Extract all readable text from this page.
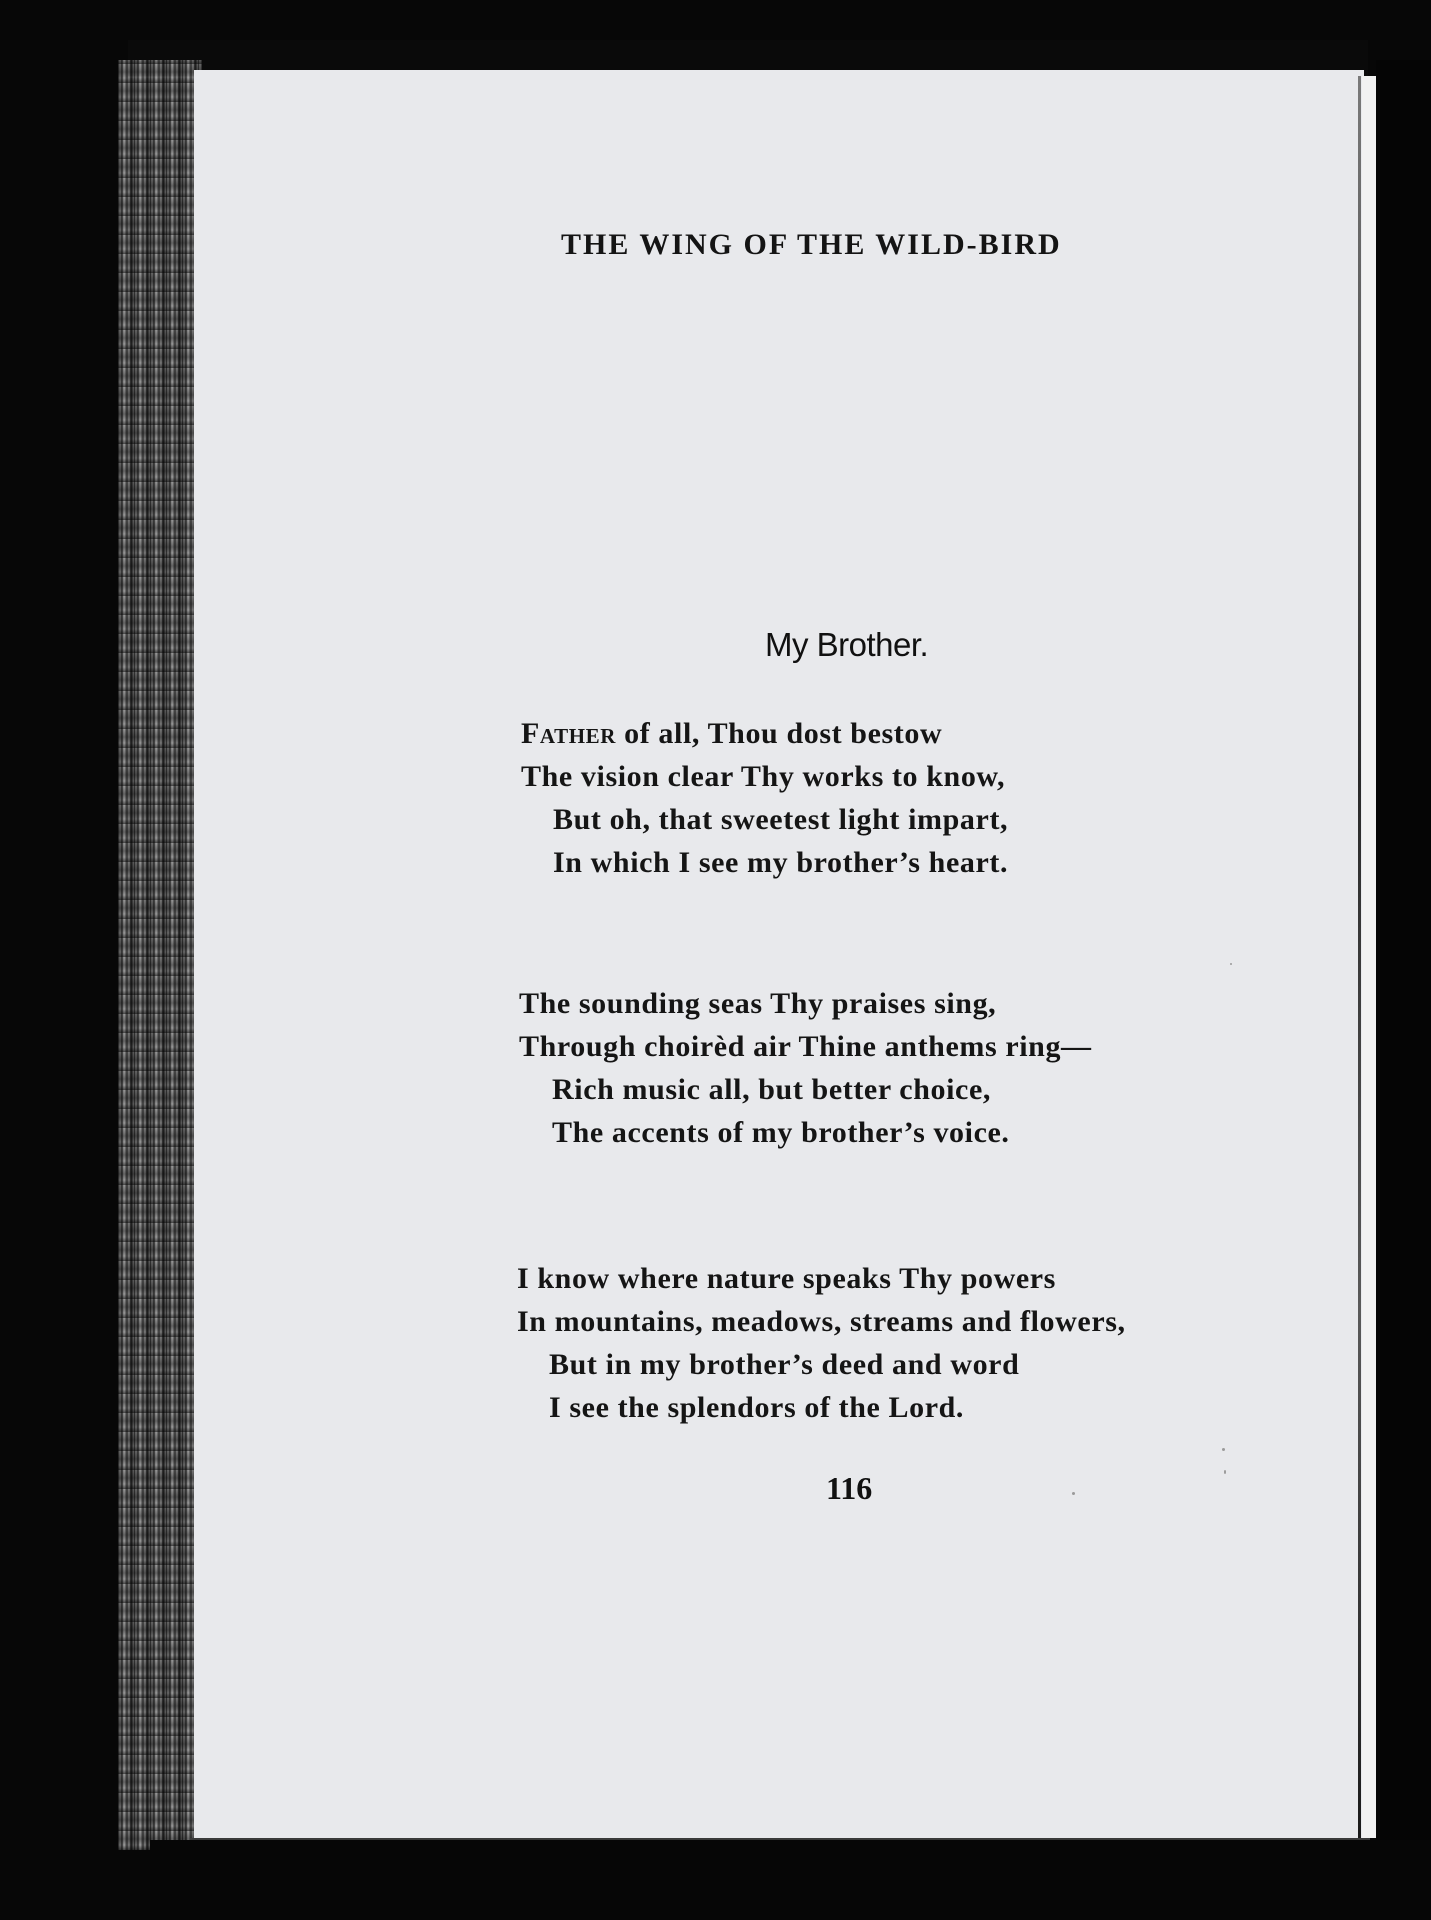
THE WING OF THE WILD-BIRD
My Brother.
Father of all, Thou dost bestow
The vision clear Thy works to know,
But oh, that sweetest light impart,
In which I see my brother’s heart.
The sounding seas Thy praises sing,
Through choirèd air Thine anthems ring—
Rich music all, but better choice,
The accents of my brother’s voice.
I know where nature speaks Thy powers
In mountains, meadows, streams and flowers,
But in my brother’s deed and word
I see the splendors of the Lord.
116
